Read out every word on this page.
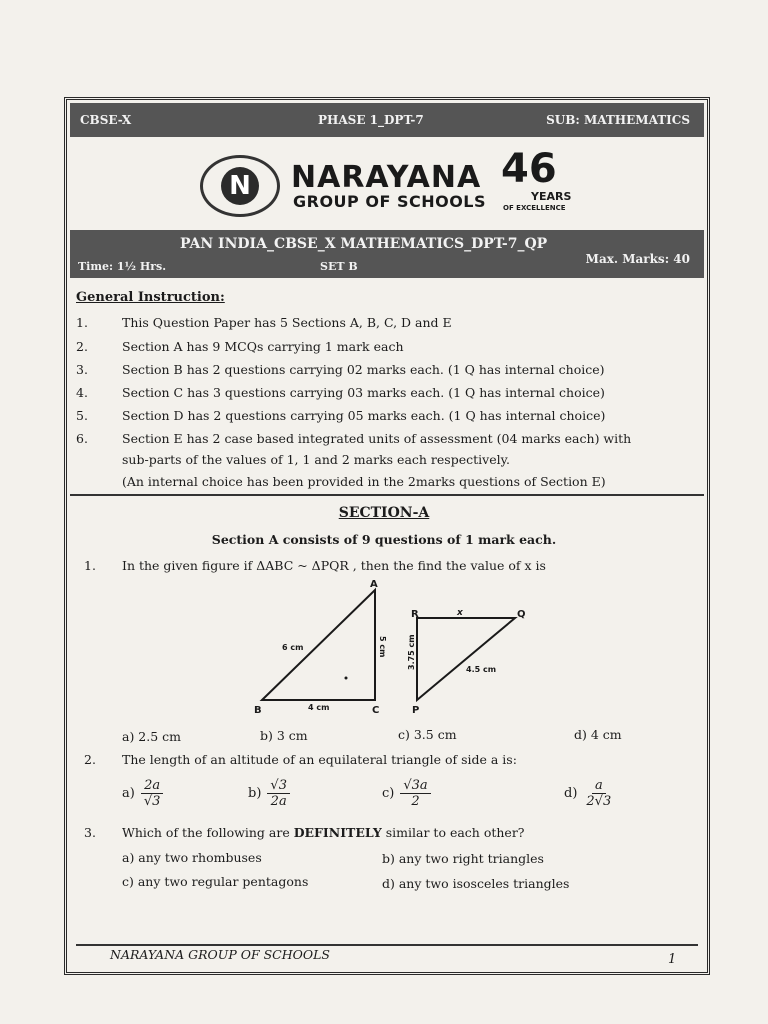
CBSE-X	PHASE 1_DPT-7	SUB: MATHEMATICS
N NARAYANA
GROUP OF SCHOOLS
46
YEARS
OF EXCELLENCE
PAN INDIA_CBSE_X MATHEMATICS_DPT-7_QP
Time: 1½ Hrs.	SET B
Max. Marks: 40
General Instruction:
1.	This Question Paper has 5 Sections A, B, C, D and E
2.	Section A has 9 MCQs carrying 1 mark each
3.	Section B has 2 questions carrying 02 marks each. (1 Q has internal choice)
4.	Section C has 3 questions carrying 03 marks each. (1 Q has internal choice)
5.	Section D has 2 questions carrying 05 marks each. (1 Q has internal choice)
6.	Section E has 2 case based integrated units of assessment (04 marks each) with
sub-parts of the values of 1, 1 and 2 marks each respectively.
(An internal choice has been provided in the 2marks questions of Section E)
SECTION-A
Section A consists of 9 questions of 1 mark each.
1. In the given figure if ΔABC ~ ΔPQR , then the find the value of x is
A
B	C	P
Q
R
6 cm
4 cm
5 cm
x
3.75 cm	4.5 cm
a) 2.5 cm	b) 3 cm	c) 3.5 cm	d) 4 cm
2. The length of an altitude of an equilateral triangle of side a is:
$a) \frac{2a}{√3}$	$b) \frac{√3}{2a}$	$c) \frac{√3a}{2}$	$d) \frac{a}{2√3}$
3. Which of the following are DEFINITELY similar to each other?
a) any two rhombuses	b) any two right triangles
c) any two regular pentagons	d) any two isosceles triangles
NARAYANA GROUP OF SCHOOLS	1
